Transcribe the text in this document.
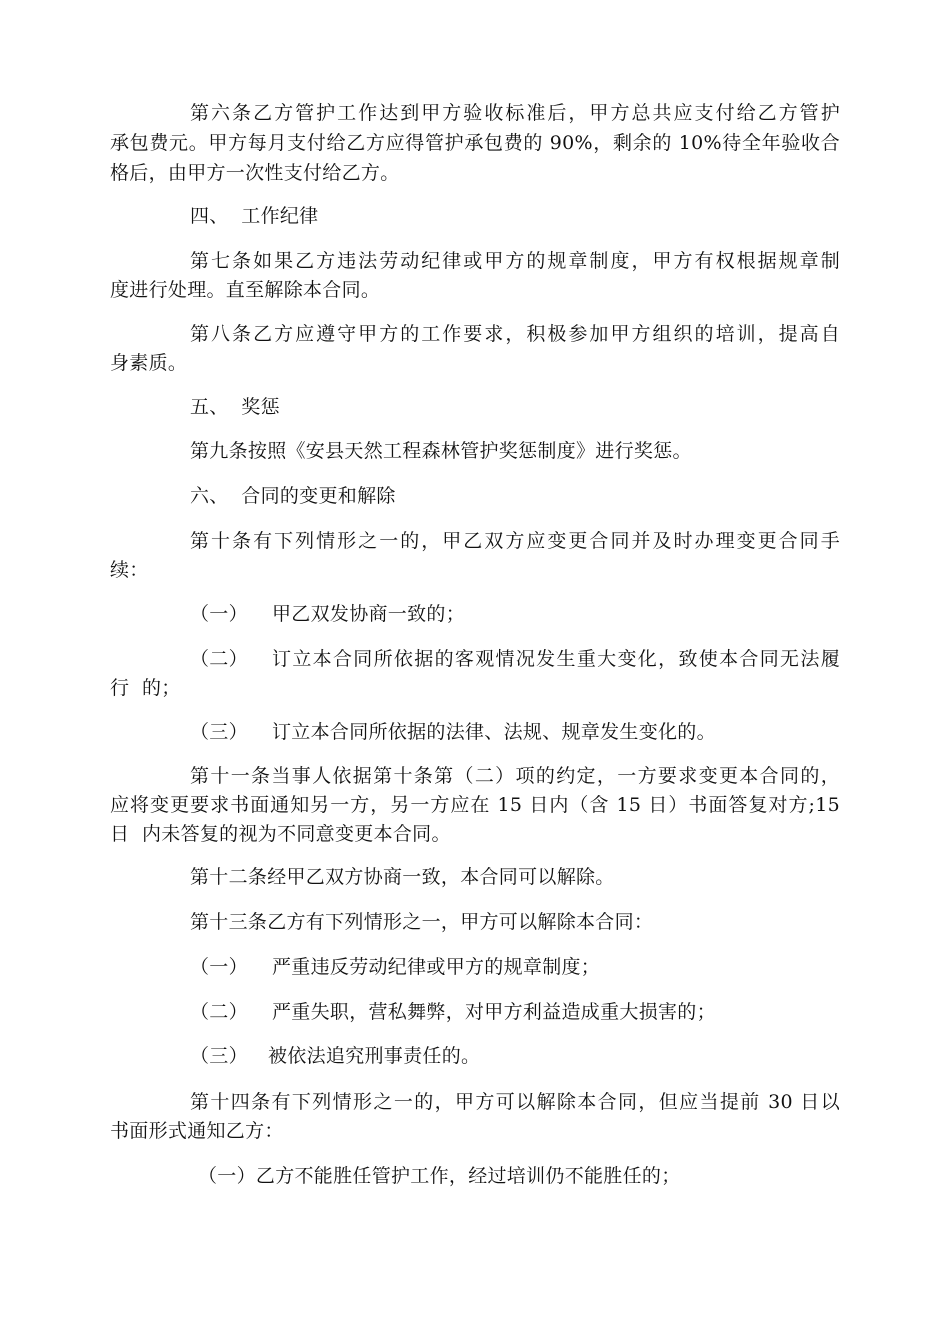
第六条乙方管护工作达到甲方验收标准后，甲方总共应支付给乙方管护
承包费元。甲方每月支付给乙方应得管护承包费的 90%，剩余的 10%待全年验收合
格后，由甲方一次性支付给乙方。
四、  工作纪律
第七条如果乙方违法劳动纪律或甲方的规章制度，甲方有权根据规章制
度进行处理。直至解除本合同。
第八条乙方应遵守甲方的工作要求，积极参加甲方组织的培训，提高自
身素质。
五、  奖惩
第九条按照《安县天然工程森林管护奖惩制度》进行奖惩。
六、  合同的变更和解除
第十条有下列情形之一的，甲乙双方应变更合同并及时办理变更合同手
续：
（一） 甲乙双发协商一致的；
（二） 订立本合同所依据的客观情况发生重大变化，致使本合同无法履
行  的；
（三） 订立本合同所依据的法律、法规、规章发生变化的。
第十一条当事人依据第十条第（二）项的约定，一方要求变更本合同的，
应将变更要求书面通知另一方，另一方应在 15 日内（含 15 日）书面答复对方;15
日  内未答复的视为不同意变更本合同。
第十二条经甲乙双方协商一致，本合同可以解除。
第十三条乙方有下列情形之一，甲方可以解除本合同：
（一） 严重违反劳动纪律或甲方的规章制度；
（二） 严重失职，营私舞弊，对甲方利益造成重大损害的；
（三） 被依法追究刑事责任的。
第十四条有下列情形之一的，甲方可以解除本合同，但应当提前 30 日以
书面形式通知乙方：
（一）乙方不能胜任管护工作，经过培训仍不能胜任的；
